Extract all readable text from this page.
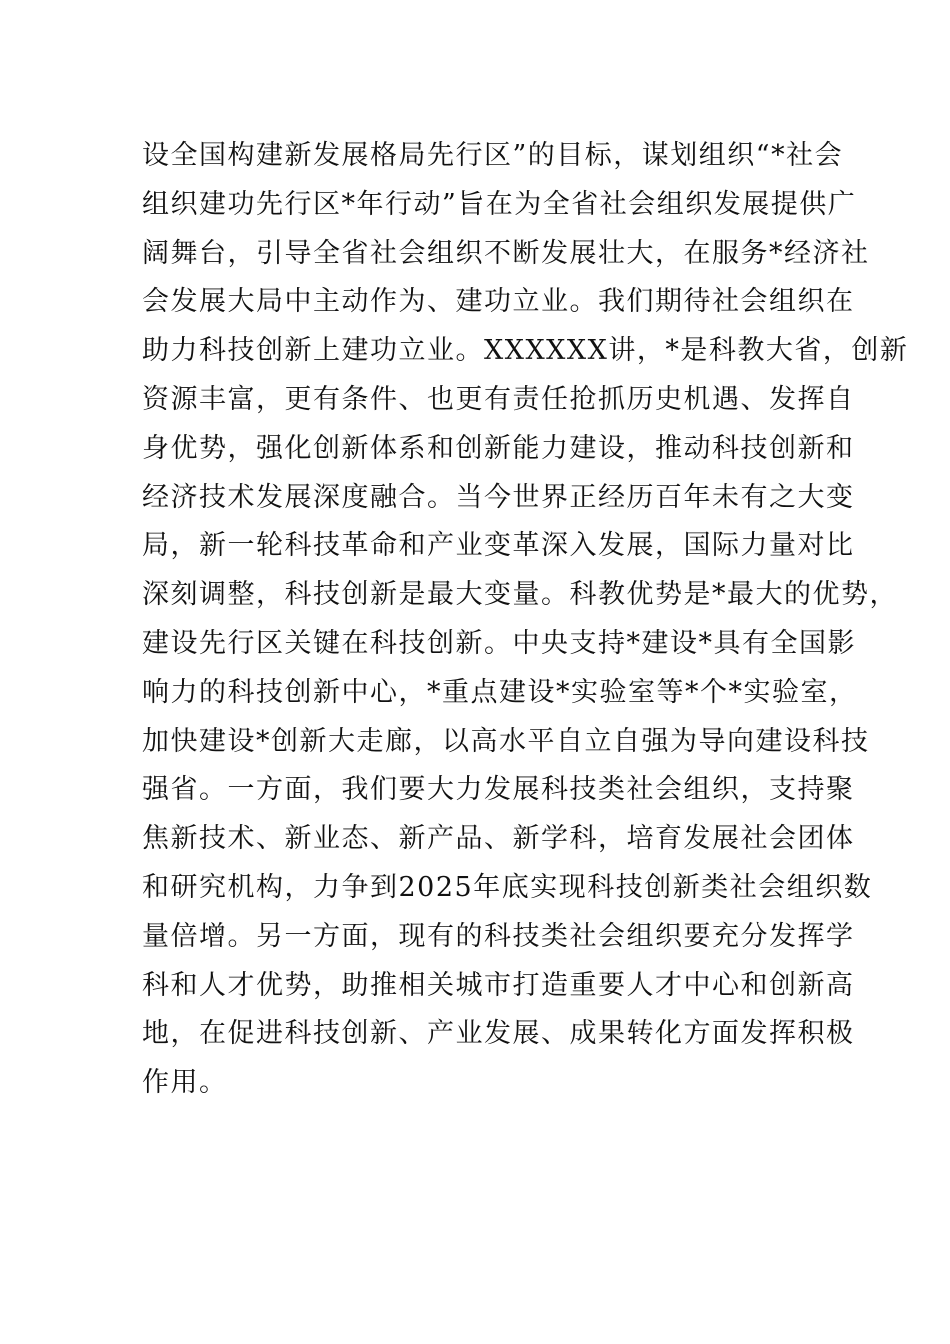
设全国构建新发展格局先行区”的目标，谋划组织“*社会
组织建功先行区*年行动”旨在为全省社会组织发展提供广
阔舞台，引导全省社会组织不断发展壮大，在服务*经济社
会发展大局中主动作为、建功立业。我们期待社会组织在
助力科技创新上建功立业。XXXXXX讲，*是科教大省，创新
资源丰富，更有条件、也更有责任抢抓历史机遇、发挥自
身优势，强化创新体系和创新能力建设，推动科技创新和
经济技术发展深度融合。当今世界正经历百年未有之大变
局，新一轮科技革命和产业变革深入发展，国际力量对比
深刻调整，科技创新是最大变量。科教优势是*最大的优势，
建设先行区关键在科技创新。中央支持*建设*具有全国影
响力的科技创新中心，*重点建设*实验室等*个*实验室，
加快建设*创新大走廊，以高水平自立自强为导向建设科技
强省。一方面，我们要大力发展科技类社会组织，支持聚
焦新技术、新业态、新产品、新学科，培育发展社会团体
和研究机构，力争到2025年底实现科技创新类社会组织数
量倍增。另一方面，现有的科技类社会组织要充分发挥学
科和人才优势，助推相关城市打造重要人才中心和创新高
地，在促进科技创新、产业发展、成果转化方面发挥积极
作用。
